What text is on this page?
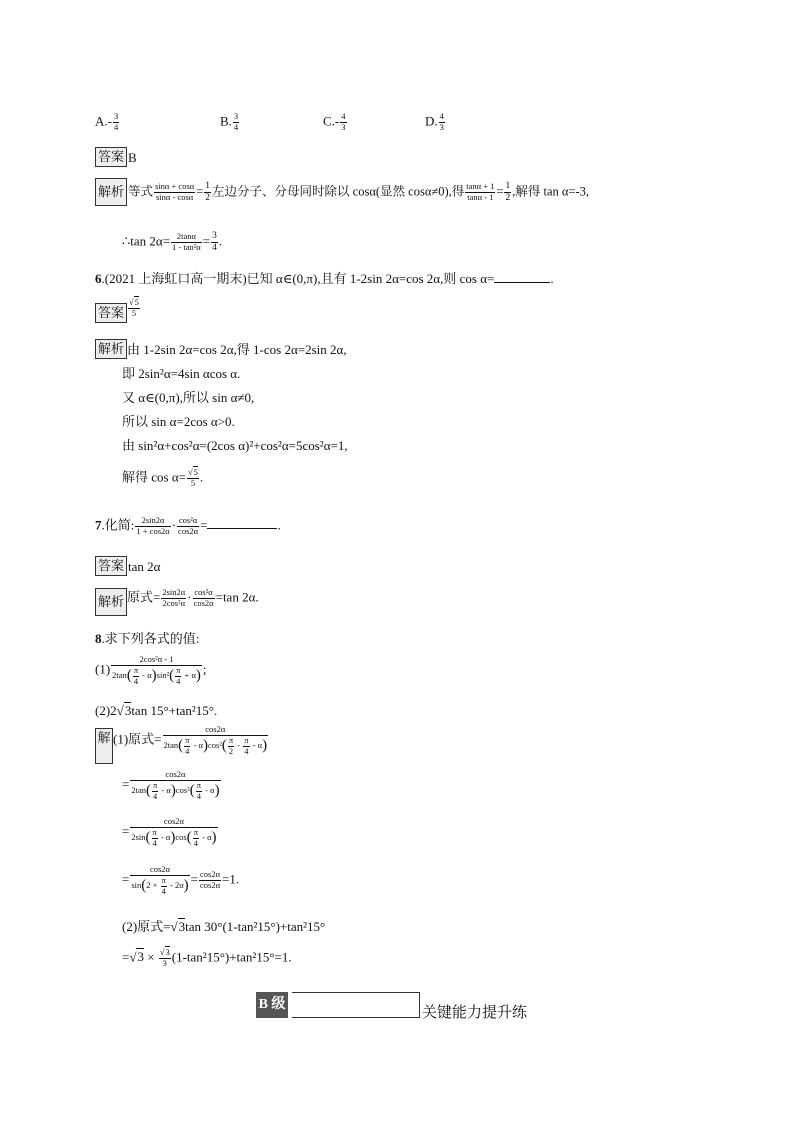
$A.- \frac{3}{4}$	B. $\frac{3}{4}$	$C.- \frac{4}{3}$	D. $\frac{4}{3}$
答案 B
解析 等式 $\frac{\sin\alpha + \cos\alpha}{\sin\alpha - \cos\alpha} = \frac{1}{2}$ 左边分子、分母同时除以 cosα(显然 cosα≠0),得 $\frac{\tan\alpha + 1}{\tan\alpha - 1} = \frac{1}{2}$ ,解得 tan α=-3,
∴tan $2\alpha= \frac{2\tan\alpha}{\text{1 - tan²α}} = \frac{3}{4}$ .
6.(2021 上海虹口高一期末)已知 α∈(0,π),且有 1-2sin 2α=cos 2α,则 cos α=	.
答案 $\frac{√5}{5}$
解析 由 1-2sin 2α=cos 2α,得 1-cos 2α=2sin 2α,
即 2sin²α=4sin αcos α.
又 α∈(0,π),所以 sin α≠0,
所以 sin α=2cos α>0.
由 sin²α+cos²α=(2cos α)²+cos²α=5cos²α=1,
解得 $\cos \alpha= \frac{√5}{5}$ .
7.化简: $\frac{2\sin 2\alpha}{1 + \cos 2\alpha} \cdot \frac{\text{cos²α}}{\cos 2\alpha}$ =	.
答案 tan 2α
解析 原式= $\frac{2\sin 2\alpha}{\text{2cos²α}} \cdot \frac{\text{cos²α}}{\cos 2\alpha} =\tan$ 2α.
8.求下列各式的值:
$(1) \frac{\text{2cos²α - 1}}{2\tan( \frac{\pi}{4} - \alpha)\sin^2( \frac{\pi}{4} + \alpha)}$ ;
(2)2√3tan 15°+tan²15°.
解 (1)原式= $\frac{\cos 2\alpha}{2\tan( \frac{\pi}{4} - \alpha)\cos^2( \frac{\pi}{2} - \frac{\pi}{4} - \alpha)}$
= $\frac{\cos 2\alpha}{2\tan( \frac{\pi}{4} - \alpha)\cos^2( \frac{\pi}{4} - \alpha)}$
= $\frac{\cos 2\alpha}{2\sin( \frac{\pi}{4} - \alpha)\cos( \frac{\pi}{4} - \alpha)}$
= $\frac{\cos 2\alpha}{\sin(2 \times \frac{\pi}{4} - 2\alpha)} = \frac{\cos 2\alpha}{\cos 2\alpha} =1$.
(2)原式=√3tan 30°(1-tan²15°)+tan²15°
$=√3 \times \frac{√3}{3} (1-\tan^215^\circ)+\tan^215^\circ=1$.
B 级	关键能力提升练
